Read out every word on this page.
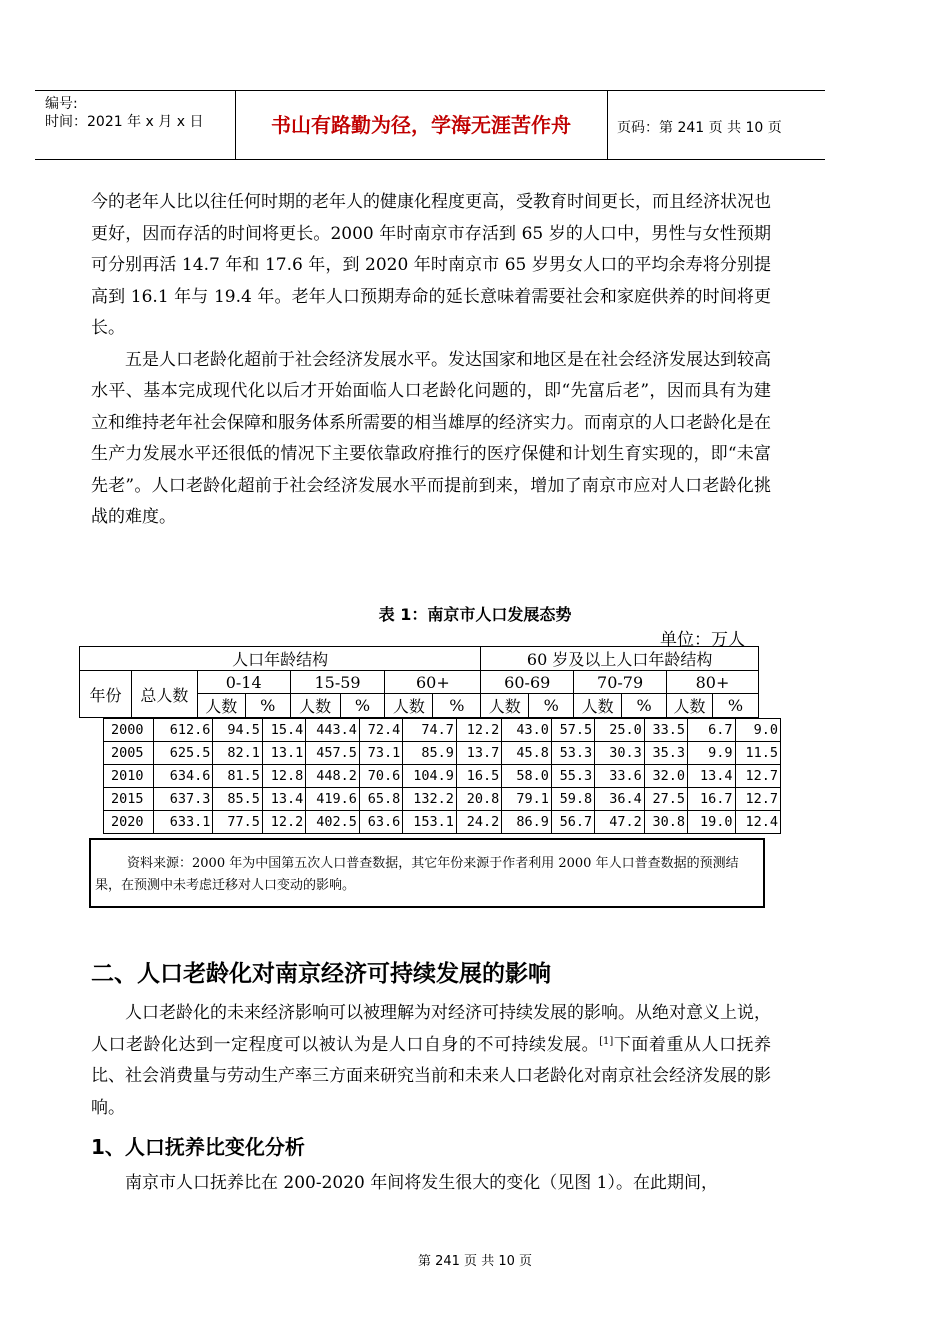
编号:
时间：2021 年 x 月 x 日	书山有路勤为径，学海无涯苦作舟	页码：第 241 页 共 10 页

今的老年人比以往任何时期的老年人的健康化程度更高，受教育时间更长，而且经济状况也更好，因而存活的时间将更长。2000 年时南京市存活到 65 岁的人口中，男性与女性预期可分别再活 14.7 年和 17.6 年，到 2020 年时南京市 65 岁男女人口的平均余寿将分别提高到 16.1 年与 19.4 年。老年人口预期寿命的延长意味着需要社会和家庭供养的时间将更长。

五是人口老龄化超前于社会经济发展水平。发达国家和地区是在社会经济发展达到较高水平、基本完成现代化以后才开始面临人口老龄化问题的，即“先富后老”，因而具有为建立和维持老年社会保障和服务体系所需要的相当雄厚的经济实力。而南京的人口老龄化是在生产力发展水平还很低的情况下主要依靠政府推行的医疗保健和计划生育实现的，即“未富先老”。人口老龄化超前于社会经济发展水平而提前到来，增加了南京市应对人口老龄化挑战的难度。

表 1：南京市人口发展态势
单位：万人
人口年龄结构								60 岁及以上人口年龄结构					
年份	总人数	0-14		15-59		60+		60-69		70-79		80+	
		人数	%	人数	%	人数	%	人数	%	人数	%	人数	%
2000	612.6	94.5	15.4	443.4	72.4	74.7	12.2	43.0	57.5	25.0	33.5	6.7	9.0
2005	625.5	82.1	13.1	457.5	73.1	85.9	13.7	45.8	53.3	30.3	35.3	9.9	11.5
2010	634.6	81.5	12.8	448.2	70.6	104.9	16.5	58.0	55.3	33.6	32.0	13.4	12.7
2015	637.3	85.5	13.4	419.6	65.8	132.2	20.8	79.1	59.8	36.4	27.5	16.7	12.7
2020	633.1	77.5	12.2	402.5	63.6	153.1	24.2	86.9	56.7	47.2	30.8	19.0	12.4
资料来源：2000 年为中国第五次人口普查数据，其它年份来源于作者利用 2000 年人口普查数据的预测结果，在预测中未考虑迁移对人口变动的影响。
二、人口老龄化对南京经济可持续发展的影响

人口老龄化的未来经济影响可以被理解为对经济可持续发展的影响。从绝对意义上说，人口老龄化达到一定程度可以被认为是人口自身的不可持续发展。[1]下面着重从人口抚养比、社会消费量与劳动生产率三方面来研究当前和未来人口老龄化对南京社会经济发展的影响。

1、人口抚养比变化分析

南京市人口抚养比在 200-2020 年间将发生很大的变化（见图 1）。在此期间，

第 241 页 共 10 页
